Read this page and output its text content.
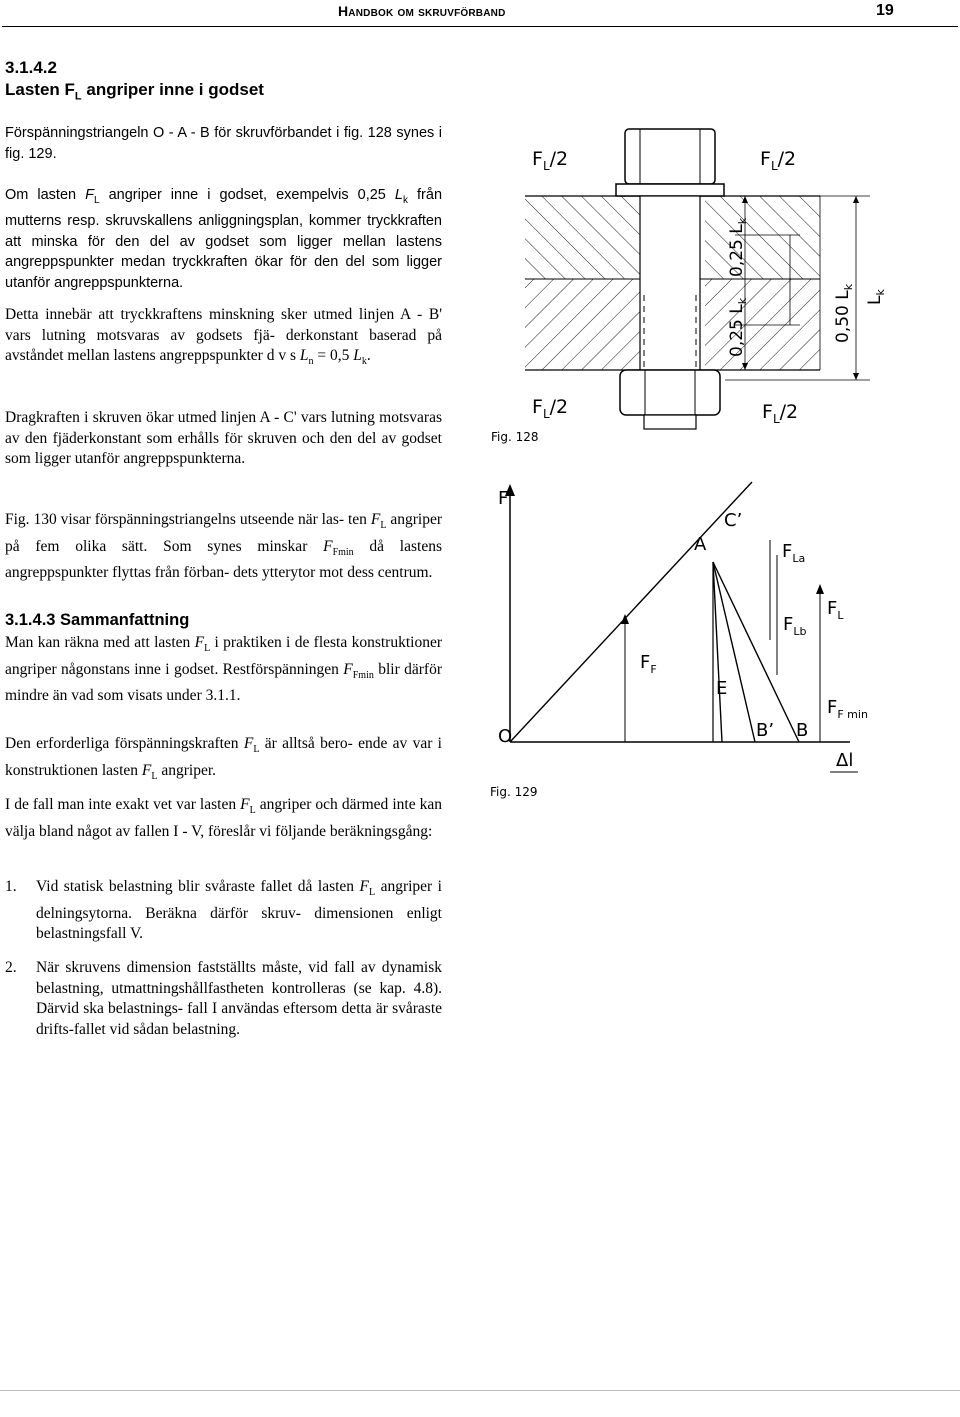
Handbok om skruvförband	19
3.1.4.2
Lasten $F_L$ angriper inne i godset

Förspänningstriangeln O - A - B för skruvförbandet i fig. 128 synes i fig. 129.

Om lasten $F_L$ angriper inne i godset, exempelvis 0,25 $L_k$ från mutterns resp. skruvskallens anliggningsplan, kommer tryckkraften att minska för den del av godset som ligger mellan lastens angreppspunkter medan tryckkraften ökar för den del som ligger utanför angreppspunkterna.

Detta innebär att tryckkraftens minskning sker utmed linjen A - B' vars lutning motsvaras av godsets fjä- derkonstant baserad på avståndet mellan lastens angreppspunkter d v s $L_n = 0,5$ $L_k$.

Dragkraften i skruven ökar utmed linjen A - C' vars lutning motsvaras av den fjäderkonstant som erhålls för skruven och den del av godset som ligger utanför angreppspunkterna.

Fig. 130 visar förspänningstriangelns utseende när las- ten $F_L$ angriper på fem olika sätt. Som synes minskar $F_{Fmin}$ då lastens angreppspunkter flyttas från förban- dets ytterytor mot dess centrum.

3.1.4.3 Sammanfattning

Man kan räkna med att lasten $F_L$ i praktiken i de flesta konstruktioner angriper någonstans inne i godset. Restförspänningen $F_{Fmin}$ blir därför mindre än vad som visats under 3.1.1.

Den erforderliga förspänningskraften $F_L$ är alltså bero- ende av var i konstruktionen lasten $F_L$ angriper.

I de fall man inte exakt vet var lasten $F_L$ angriper och därmed inte kan välja bland något av fallen I - V, föreslår vi följande beräkningsgång:

1. Vid statisk belastning blir svåraste fallet då lasten $F_L$ angriper i delningsytorna. Beräkna därför skruv- dimensionen enligt belastningsfall V.
2. När skruvens dimension fastställts måste, vid fall av dynamisk belastning, utmattningshållfastheten kontrolleras (se kap. 4.8). Därvid ska belastnings- fall I användas eftersom detta är svåraste drifts-fallet vid sådan belastning.
$F_L/2$	$F_L/2$
$F_L/2$	$F_L/2$
0,25 $L_k$
0,25 $L_k$	0,50 $L_k$
$L_k$
Fig. 128
F
O
A
C’
E
B’ B
$F_F$
$F_{La}$
$F_L$
$F_{Lb}$
$F_{F min}$
Δl
Fig. 129
